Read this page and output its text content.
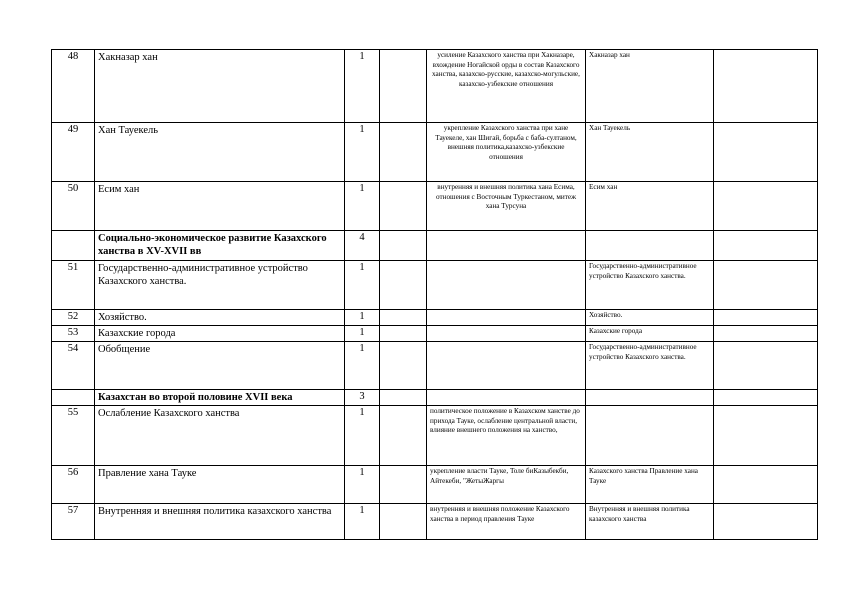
48	Хакназар хан	1		усиление Казахского ханства при Хакназаре, вхождение Ногайской орды в состав Казахского ханства, казахско-русские, казахско-могульские, казахско-узбекские отношения	Хакназар хан	
49	Хан Тауекель	1		укрепление Казахского ханства при хане Тауекеле, хан Шигай, борьба с баба-султаном, внешняя политика,казахско-узбекские отношения	Хан Тауекель	
50	Есим хан	1		внутренняя и внешняя политика хана Есима, отношения с Восточным Туркестаном, митеж хана Турсуна	Есим хан	
	Социально-экономическое развитие Казахского ханства в XV-XVII вв	4				
51	Государственно-административное устройство Казахского ханства.	1			Государственно-административное устройство Казахского ханства.	
52	Хозяйство.	1			Хозяйство.	
53	Казахские города	1			Казахские города	
54	Обобщение	1			Государственно-административное устройство Казахского ханства.	
	Казахстан во второй половине XVII века	3				
55	Ослабление Казахского ханства	1		политическое положение в Казахском ханстве до прихода Тауке, ослабление центральной власти, влияние внешнего положения на ханство,		
56	Правление хана Тауке	1		укрепление власти Тауке, Толе биКазыбекби, Айтекеби, "ЖетыЖаргы	Казахского ханства Правление хана Тауке	
57	Внутренняя и внешняя политика казахского ханства	1		внутренняя и внешняя положение Казахского ханства в период правления Тауке	Внутренняя и внешняя политика казахского ханства	
